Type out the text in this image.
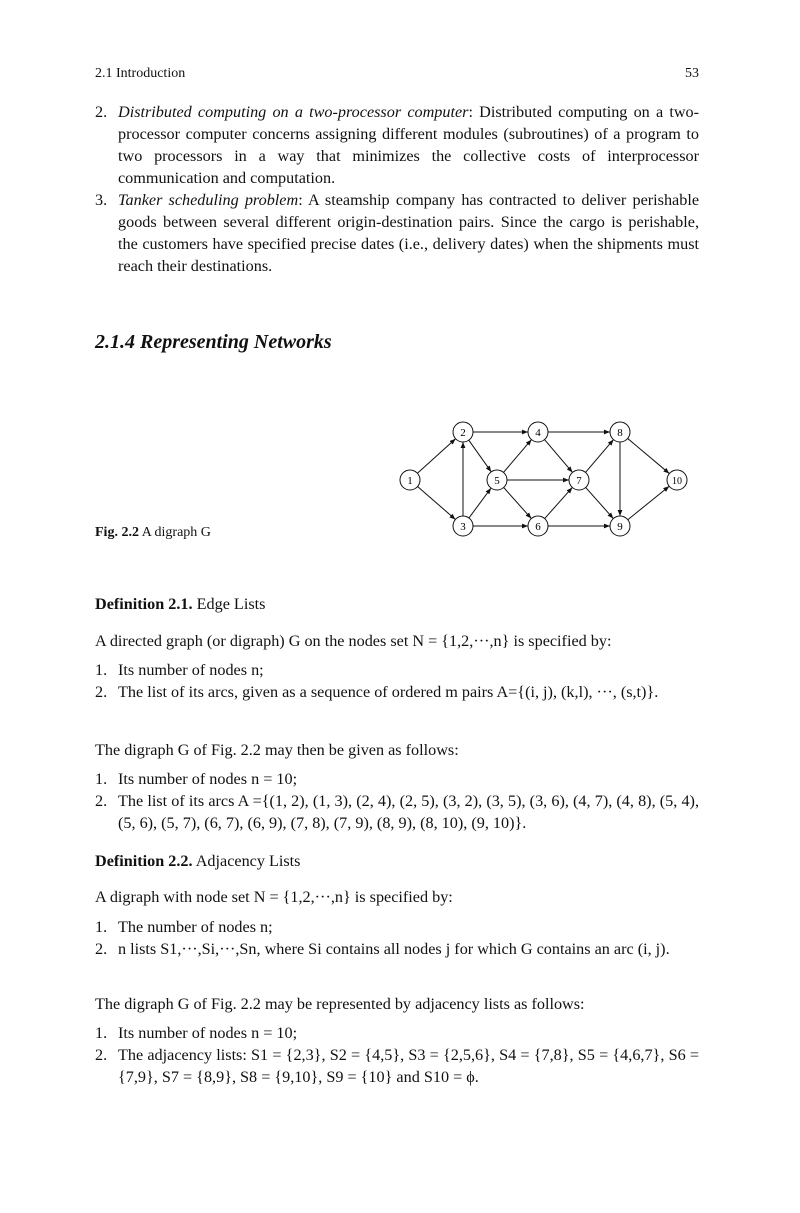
2.1 Introduction	53
2. Distributed computing on a two-processor computer: Distributed computing on a two-processor computer concerns assigning different modules (subroutines) of a program to two processors in a way that minimizes the collective costs of interprocessor communication and computation.
3. Tanker scheduling problem: A steamship company has contracted to deliver perishable goods between several different origin-destination pairs. Since the cargo is perishable, the customers have specified precise dates (i.e., delivery dates) when the shipments must reach their destinations.
2.1.4 Representing Networks
1
2
3
4
5
6
7
8
9
10
Fig. 2.2 A digraph G
Definition 2.1. Edge Lists

A directed graph (or digraph) G on the nodes set N = {1,2,···,n} is specified by:

1. Its number of nodes n;
2. The list of its arcs, given as a sequence of ordered m pairs A={(i, j), (k,l), ···, (s,t)}.

The digraph G of Fig. 2.2 may then be given as follows:

1. Its number of nodes n = 10;
2. The list of its arcs A ={(1, 2), (1, 3), (2, 4), (2, 5), (3, 2), (3, 5), (3, 6), (4, 7), (4, 8), (5, 4), (5, 6), (5, 7), (6, 7), (6, 9), (7, 8), (7, 9), (8, 9), (8, 10), (9, 10)}.
Definition 2.2. Adjacency Lists

A digraph with node set N = {1,2,···,n} is specified by:

1. The number of nodes n;
2. n lists S1,···,Si,···,Sn, where Si contains all nodes j for which G contains an arc (i, j).

The digraph G of Fig. 2.2 may be represented by adjacency lists as follows:

1. Its number of nodes n = 10;
2. The adjacency lists: S1 = {2,3}, S2 = {4,5}, S3 = {2,5,6}, S4 = {7,8}, S5 = {4,6,7}, S6 = {7,9}, S7 = {8,9}, S8 = {9,10}, S9 = {10} and S10 = ϕ.
